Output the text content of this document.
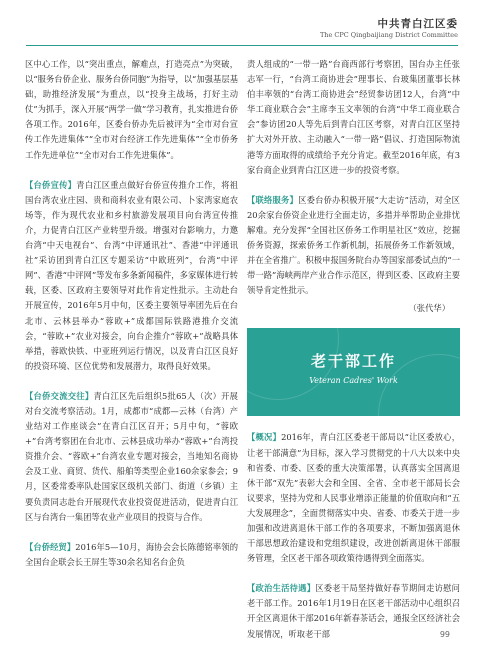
中共青白江区委
The CPC Qingbaijiang District Committee

区中心工作，以“突出重点，解难点，打造亮点”为突破，以“服务台侨企业、服务台侨同胞”为指导，以“加强基层基础，助推经济发展”为重点，以“投身主战场，打好主动仗”为抓手，深入开展“两学一做”学习教育，扎实推进台侨各项工作。2016年，区委台侨办先后被评为“全市对台宣传工作先进集体”“全市对台经济工作先进集体”“全市侨务工作先进单位”“全市对台工作先进集体”。

【台侨宣传】青白江区重点做好台侨宣传推介工作，将祖国台湾农业庄园、贵和商科农业有限公司、卜家湾家庭农场等，作为现代农业和乡村旅游发展项目向台湾宣传推介，力促青白江区产业转型升级。增强对台影响力，力邀台湾“中天电视台”、台湾“中评通讯社”、香港“中评通讯社”采访团到青白江区专题采访“中欧班列”，台湾“中评网”、香港“中评网”等发布多条新闻稿件，多家媒体进行转载，区委、区政府主要领导对此作肯定性批示。主动赴台开展宣传，2016年5月中旬，区委主要领导率团先后在台北市、云林县举办“蓉欧+”成都国际铁路港推介交流会，“蓉欧+”农业对接会，向台企推介“蓉欧+”战略具体举措，蓉欧快铁、中亚班列运行情况，以及青白江区良好的投资环境、区位优势和发展潜力，取得良好效果。

【台侨交流交往】青白江区先后组织5批65人（次）开展对台交流考察活动。1月，成都市“成都—云林（台湾）产业结对工作座谈会”在青白江区召开；5月中旬，“蓉欧+”台湾考察团在台北市、云林县成功举办“蓉欧+”台湾投资推介会、“蓉欧+”台湾农业专题对接会，当地知名商协会及工业、商贸、货代、船舶等类型企业160余家参会；9月，区委常委率队赴国家区级机关部门、街道（乡镇）主要负责同志赴台开展现代农业投资促进活动，促进青白江区与台湾台一集团等农业产业项目的投资与合作。

【台侨经贸】2016年5—10月，海协会会长陈德铭率领的全国台企联会长王屏生等30余名知名台企负

责人组成的“一带一路”台商西部行考察团，国台办主任张志军一行，“台湾工商协进会”理事长、台玻集团董事长林伯丰率领的“台湾工商协进会”经贸参访团12人，台湾“中华工商业联合会”主席李玉文率领的台湾“中华工商业联合会”参访团20人等先后到青白江区考察，对青白江区坚持扩大对外开放、主动融入“一带一路”倡议、打造国际物流港等方面取得的成绩给予充分肯定。截至2016年底，有3家台商企业到青白江区进一步的投资考察。

【联络服务】区委台侨办积极开展“大走访”活动，对全区20余家台侨资企业进行全面走访，多措并举帮助企业排忧解难。充分发挥“全国社区侨务工作明星社区”效应，挖掘侨务资源，探索侨务工作新机制，拓展侨务工作新领域，并在全省推广。积极申报国务院台办等国家部委试点的“一带一路”海峡两岸产业合作示范区，得到区委、区政府主要领导肯定性批示。

（张代华）
老干部工作
Veteran Cadres' Work

【概况】2016年，青白江区委老干部局以“让区委放心，让老干部满意”为目标，深入学习贯彻党的十八大以来中央和省委、市委、区委的重大决策部署，认真落实全国离退休干部“双先”表彰大会和全国、全省、全市老干部局长会议要求，坚持为党和人民事业增添正能量的价值取向和“五大发展理念”，全面贯彻落实中央、省委、市委关于进一步加强和改进离退休干部工作的各项要求，不断加强离退休干部思想政治建设和党组织建设，改进创新离退休干部服务管理，全区老干部各项政策待遇得到全面落实。

【政治生活待遇】区委老干局坚持做好春节期间走访慰问老干部工作。2016年1月19日在区老干部活动中心组织召开全区离退休干部2016年新春茶话会，通报全区经济社会发展情况，听取老干部	99
